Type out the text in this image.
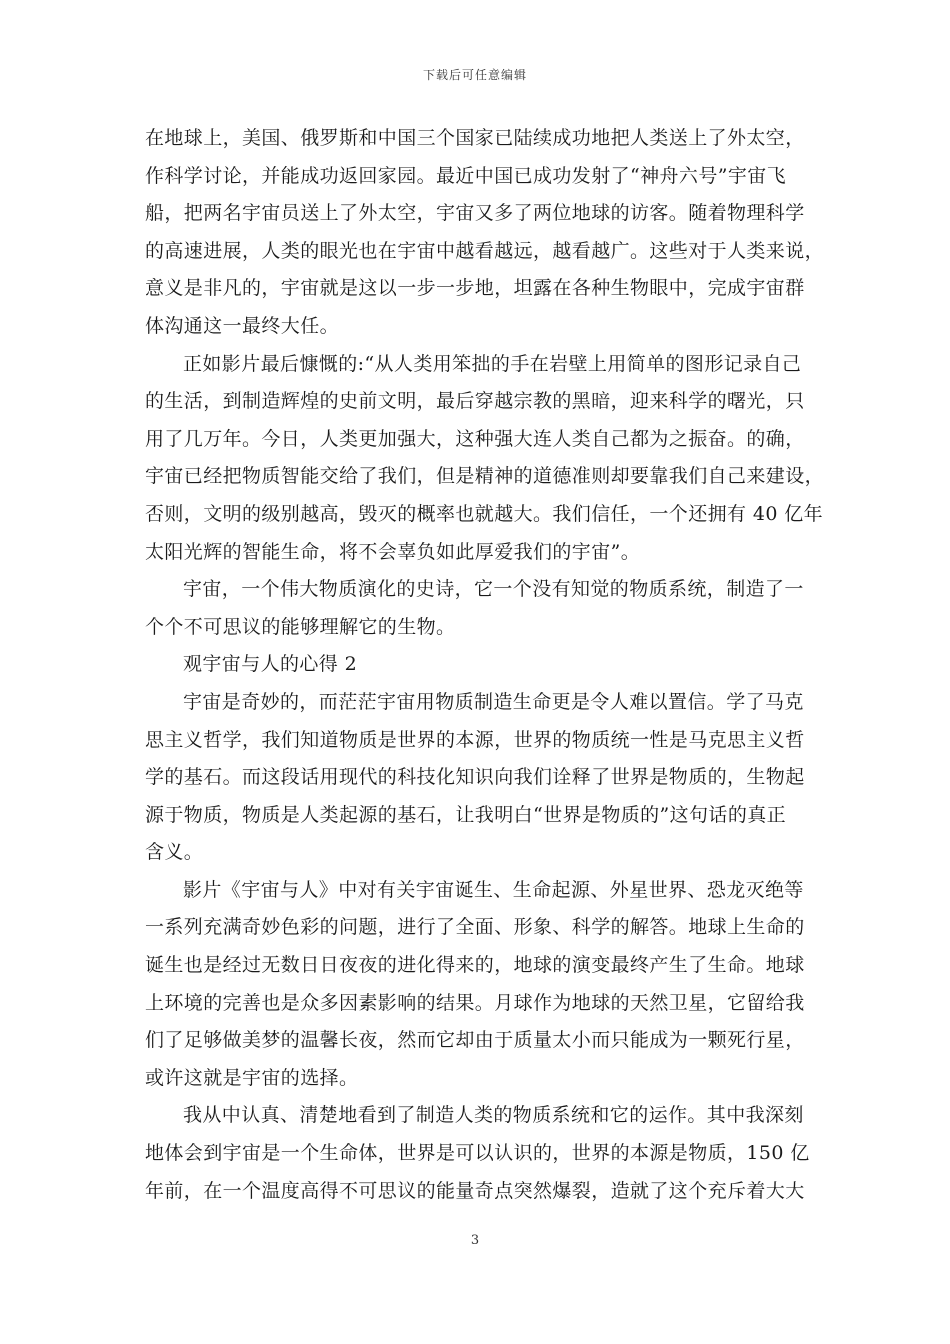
下载后可任意编辑
在地球上，美国、俄罗斯和中国三个国家已陆续成功地把人类送上了外太空，
作科学讨论，并能成功返回家园。最近中国已成功发射了“神舟六号”宇宙飞
船，把两名宇宙员送上了外太空，宇宙又多了两位地球的访客。随着物理科学
的高速进展，人类的眼光也在宇宙中越看越远，越看越广。这些对于人类来说，
意义是非凡的，宇宙就是这以一步一步地，坦露在各种生物眼中，完成宇宙群
体沟通这一最终大任。
正如影片最后慷慨的:“从人类用笨拙的手在岩壁上用简单的图形记录自己
的生活，到制造辉煌的史前文明，最后穿越宗教的黑暗，迎来科学的曙光，只
用了几万年。今日，人类更加强大，这种强大连人类自己都为之振奋。的确，
宇宙已经把物质智能交给了我们，但是精神的道德准则却要靠我们自己来建设，
否则，文明的级别越高，毁灭的概率也就越大。我们信任，一个还拥有 40 亿年
太阳光辉的智能生命，将不会辜负如此厚爱我们的宇宙”。
宇宙，一个伟大物质演化的史诗，它一个没有知觉的物质系统，制造了一
个个不可思议的能够理解它的生物。
观宇宙与人的心得 2
宇宙是奇妙的，而茫茫宇宙用物质制造生命更是令人难以置信。学了马克
思主义哲学，我们知道物质是世界的本源，世界的物质统一性是马克思主义哲
学的基石。而这段话用现代的科技化知识向我们诠释了世界是物质的，生物起
源于物质，物质是人类起源的基石，让我明白“世界是物质的”这句话的真正
含义。
影片《宇宙与人》中对有关宇宙诞生、生命起源、外星世界、恐龙灭绝等
一系列充满奇妙色彩的问题，进行了全面、形象、科学的解答。地球上生命的
诞生也是经过无数日日夜夜的进化得来的，地球的演变最终产生了生命。地球
上环境的完善也是众多因素影响的结果。月球作为地球的天然卫星，它留给我
们了足够做美梦的温馨长夜，然而它却由于质量太小而只能成为一颗死行星，
或许这就是宇宙的选择。
我从中认真、清楚地看到了制造人类的物质系统和它的运作。其中我深刻
地体会到宇宙是一个生命体，世界是可以认识的，世界的本源是物质，150 亿
年前，在一个温度高得不可思议的能量奇点突然爆裂，造就了这个充斥着大大
3
